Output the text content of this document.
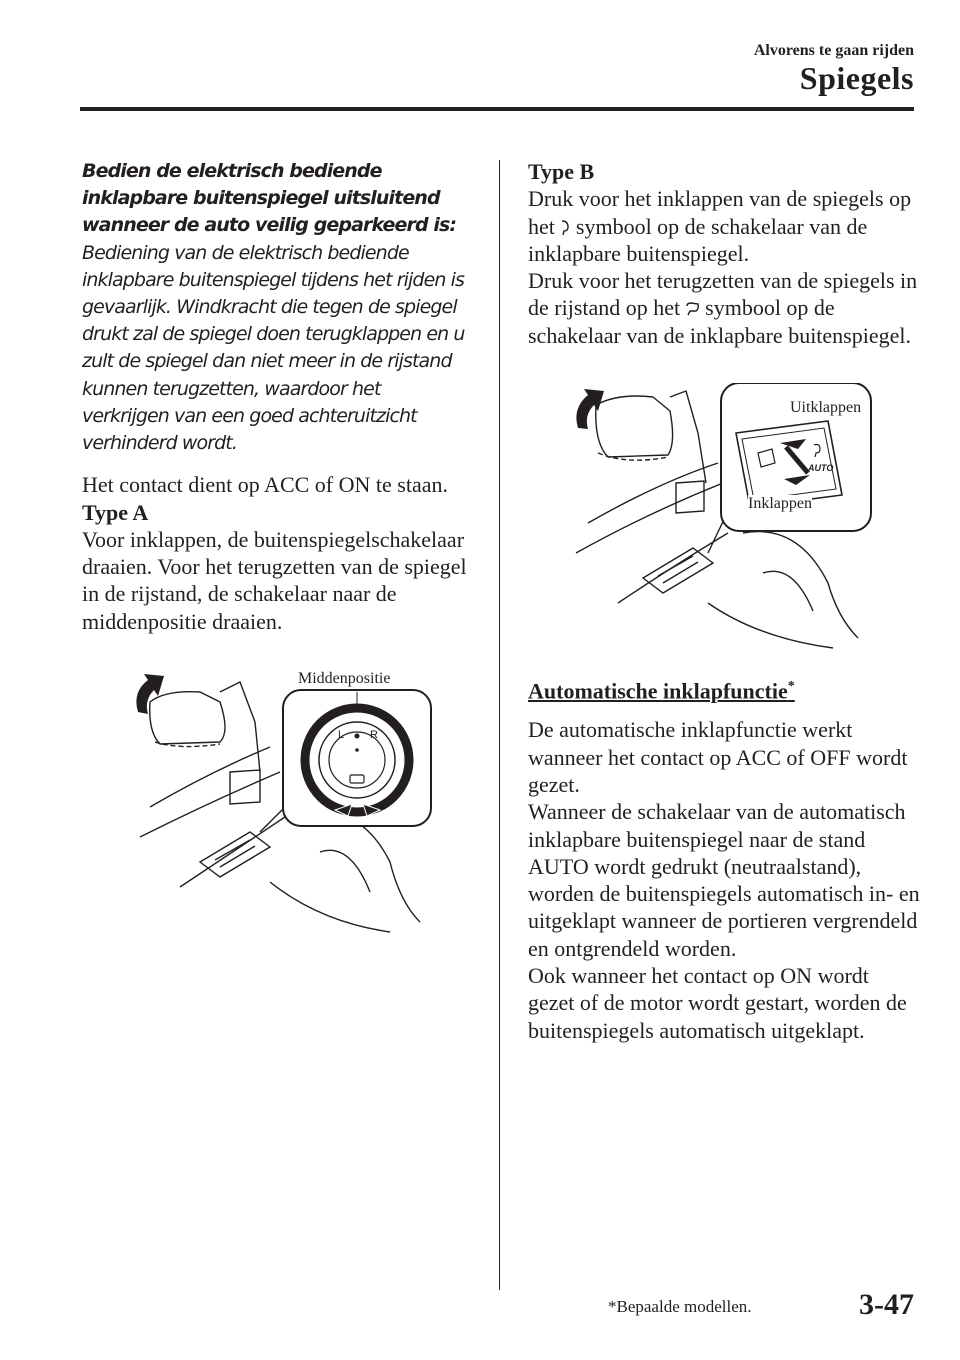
Alvorens te gaan rijden
Spiegels
Bedien de elektrisch bediende inklapbare buitenspiegel uitsluitend wanneer de auto veilig geparkeerd is:
Bediening van de elektrisch bediende inklapbare buitenspiegel tijdens het rijden is gevaarlijk. Windkracht die tegen de spiegel drukt zal de spiegel doen terugklappen en u zult de spiegel dan niet meer in de rijstand kunnen terugzetten, waardoor het verkrijgen van een goed achteruitzicht verhinderd wordt.
Het contact dient op ACC of ON te staan.
Type A
Voor inklappen, de buitenspiegelschakelaar draaien. Voor het terugzetten van de spiegel in de rijstand, de schakelaar naar de middenpositie draaien.
L R
Middenpositie
Type B
Druk voor het inklappen van de spiegels op het symbool op de schakelaar van de inklapbare buitenspiegel.
Druk voor het terugzetten van de spiegels in de rijstand op het symbool op de schakelaar van de inklapbare buitenspiegel.
AUTO
Uitklappen
Inklappen
Automatische inklapfunctie*
De automatische inklapfunctie werkt wanneer het contact op ACC of OFF wordt gezet.
Wanneer de schakelaar van de automatisch inklapbare buitenspiegel naar de stand AUTO wordt gedrukt (neutraalstand), worden de buitenspiegels automatisch in- en uitgeklapt wanneer de portieren vergrendeld en ontgrendeld worden.
Ook wanneer het contact op ON wordt gezet of de motor wordt gestart, worden de buitenspiegels automatisch uitgeklapt.
*Bepaalde modellen.	3-47
